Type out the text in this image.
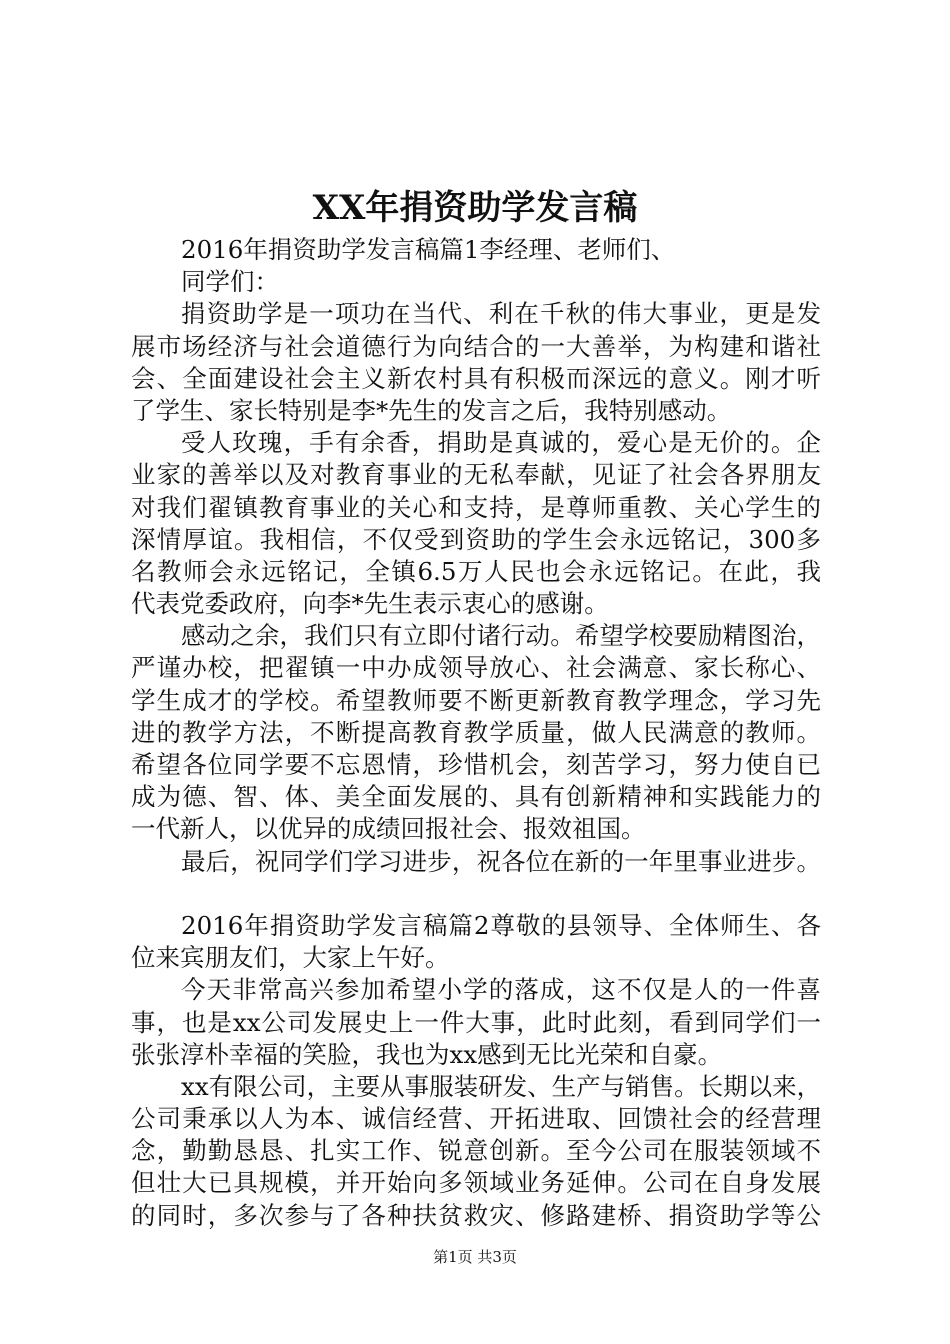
XX年捐资助学发言稿
2016年捐资助学发言稿篇1李经理、老师们、
同学们：
捐资助学是一项功在当代、利在千秋的伟大事业，更是发
展市场经济与社会道德行为向结合的一大善举，为构建和谐社
会、全面建设社会主义新农村具有积极而深远的意义。刚才听
了学生、家长特别是李*先生的发言之后，我特别感动。
受人玫瑰，手有余香，捐助是真诚的，爱心是无价的。企
业家的善举以及对教育事业的无私奉献，见证了社会各界朋友
对我们翟镇教育事业的关心和支持，是尊师重教、关心学生的
深情厚谊。我相信，不仅受到资助的学生会永远铭记，300多
名教师会永远铭记，全镇6.5万人民也会永远铭记。在此，我
代表党委政府，向李*先生表示衷心的感谢。
感动之余，我们只有立即付诸行动。希望学校要励精图治，
严谨办校，把翟镇一中办成领导放心、社会满意、家长称心、
学生成才的学校。希望教师要不断更新教育教学理念，学习先
进的教学方法，不断提高教育教学质量，做人民满意的教师。
希望各位同学要不忘恩情，珍惜机会，刻苦学习，努力使自已
成为德、智、体、美全面发展的、具有创新精神和实践能力的
一代新人，以优异的成绩回报社会、报效祖国。
最后，祝同学们学习进步，祝各位在新的一年里事业进步。
2016年捐资助学发言稿篇2尊敬的县领导、全体师生、各
位来宾朋友们，大家上午好。
今天非常高兴参加希望小学的落成，这不仅是人的一件喜
事，也是xx公司发展史上一件大事，此时此刻，看到同学们一
张张淳朴幸福的笑脸，我也为xx感到无比光荣和自豪。
xx有限公司，主要从事服装研发、生产与销售。长期以来，
公司秉承以人为本、诚信经营、开拓进取、回馈社会的经营理
念，勤勤恳恳、扎实工作、锐意创新。至今公司在服装领域不
但壮大已具规模，并开始向多领域业务延伸。公司在自身发展
的同时，多次参与了各种扶贫救灾、修路建桥、捐资助学等公
第1页 共3页
